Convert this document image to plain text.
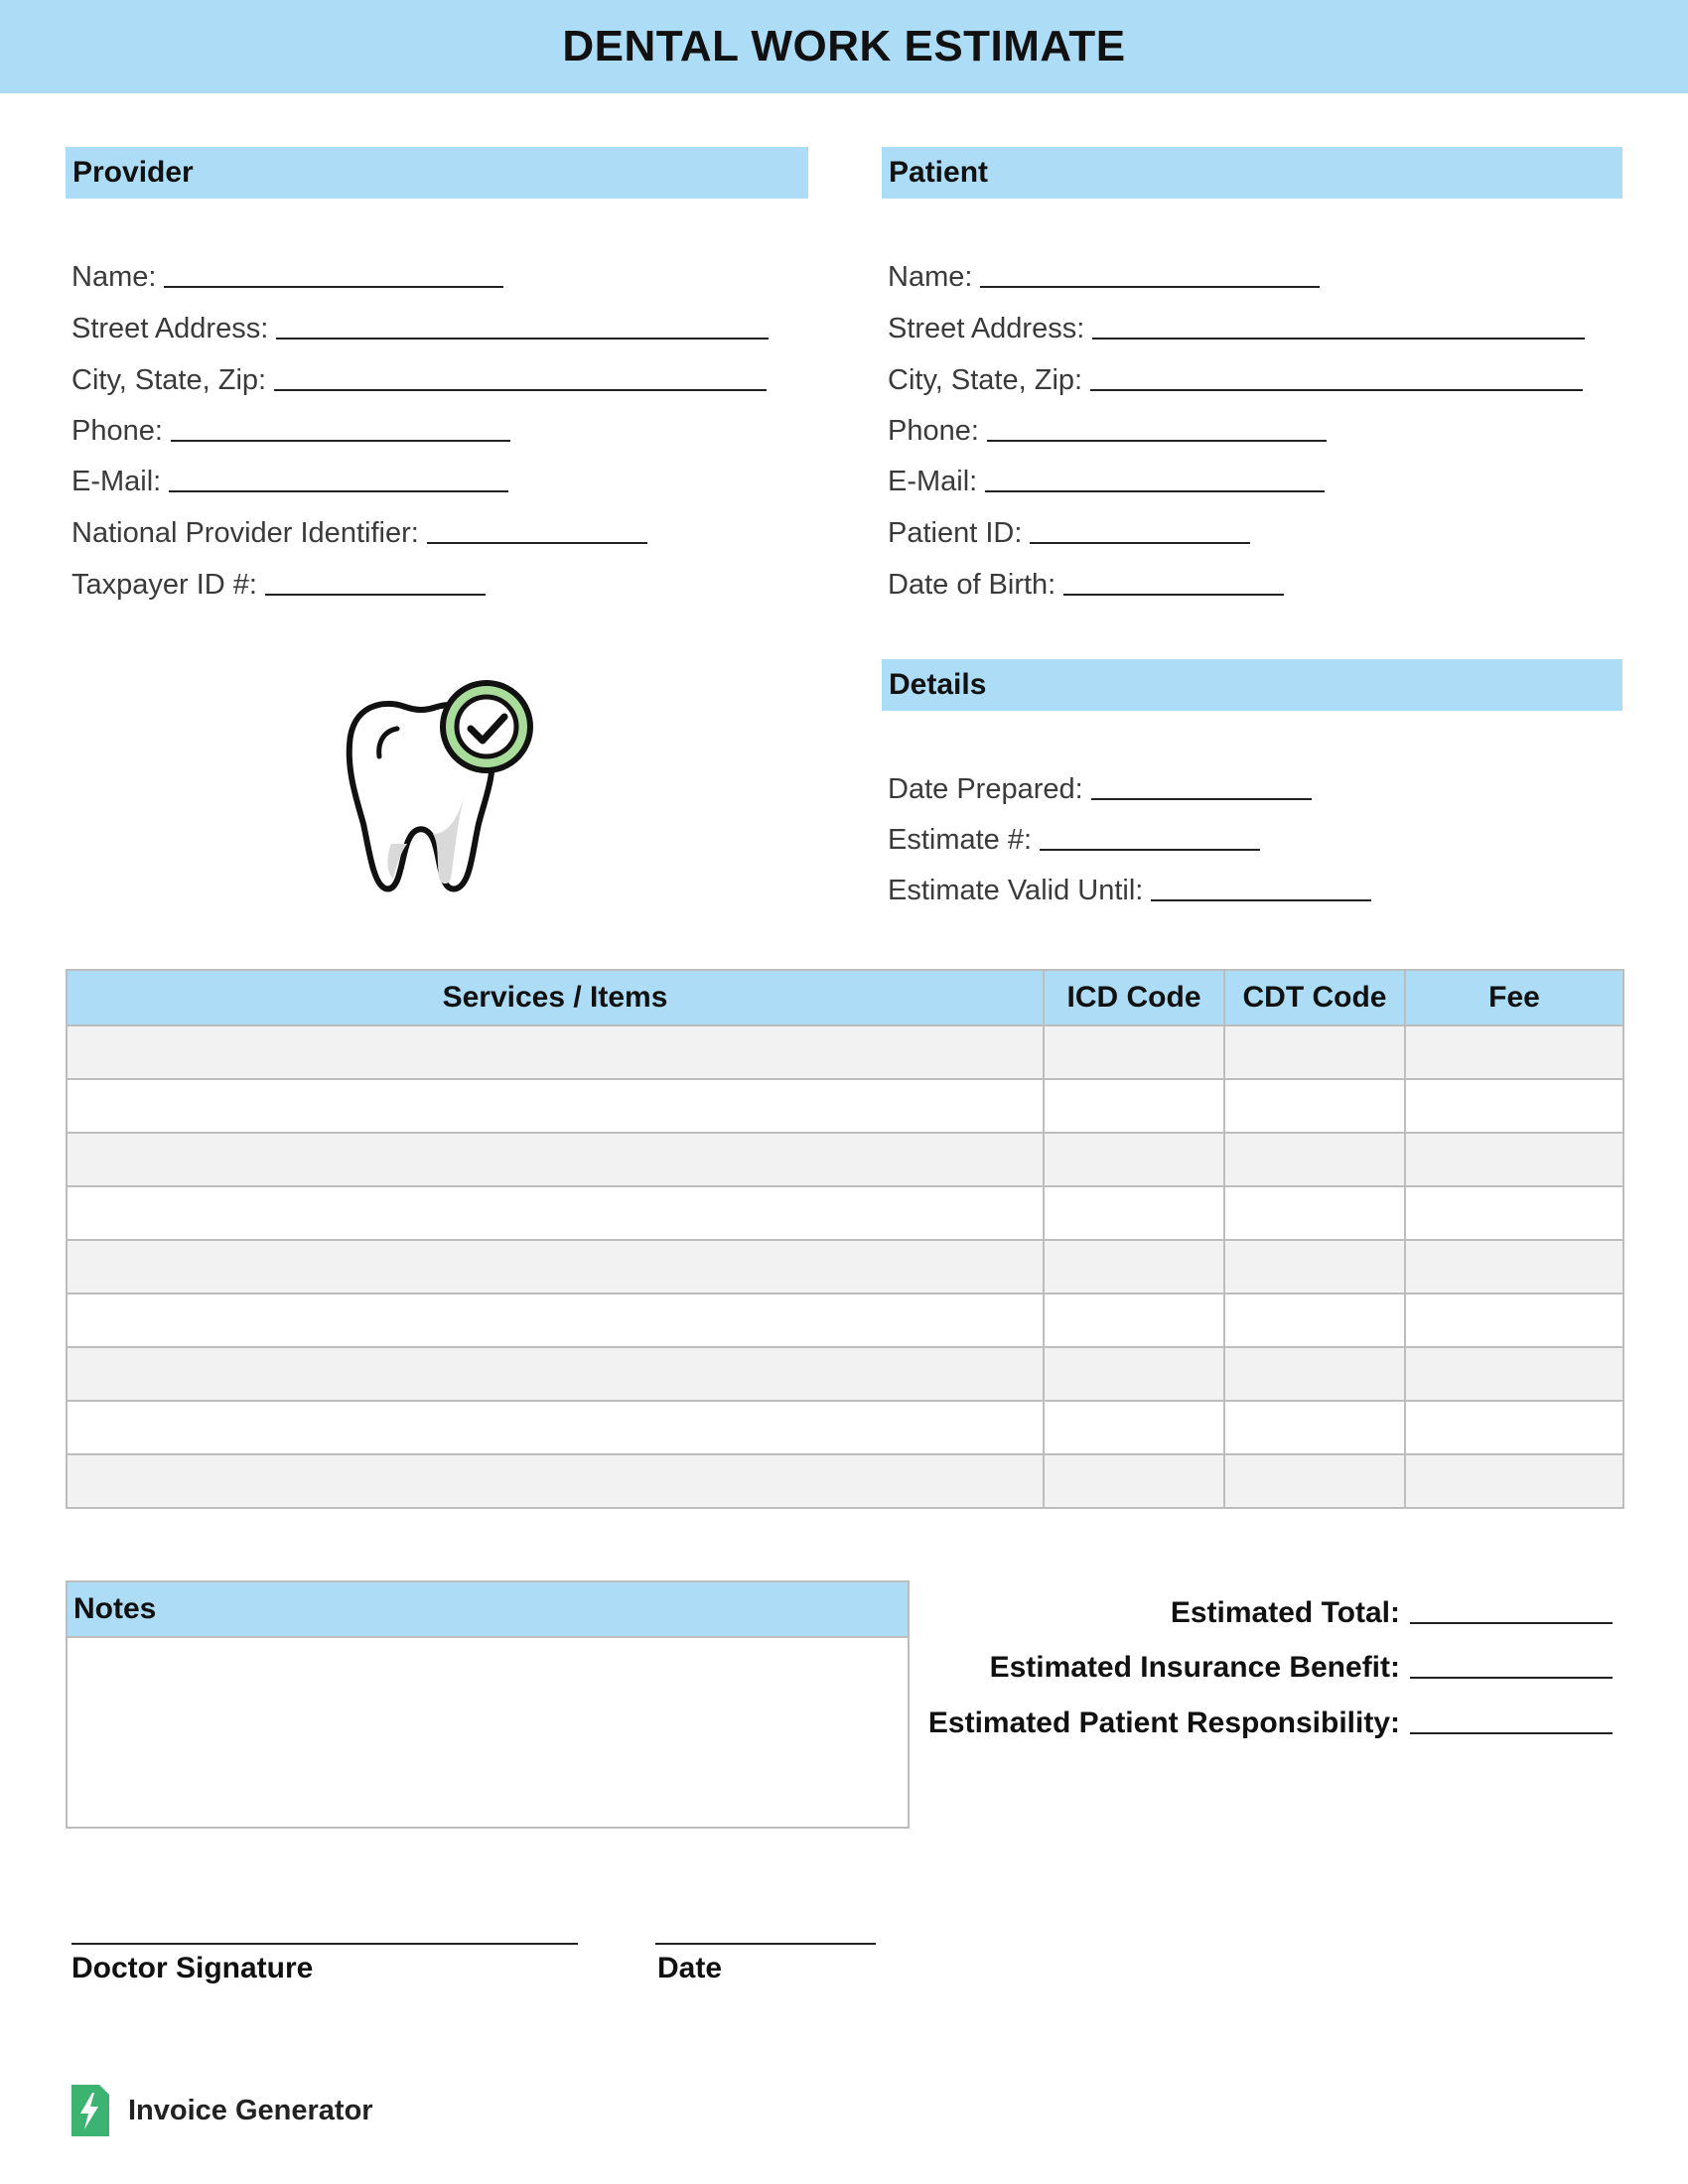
DENTAL WORK ESTIMATE
Provider
Name:
Street Address:
City, State, Zip:
Phone:
E-Mail:
National Provider Identifier:
Taxpayer ID #:
Patient
Name:
Street Address:
City, State, Zip:
Phone:
E-Mail:
Patient ID:
Date of Birth:
Details
Date Prepared:
Estimate #:
Estimate Valid Until:
Services / Items	ICD Code	CDT Code	Fee

Notes	Estimated Total:
Estimated Insurance Benefit:
Estimated Patient Responsibility:
Doctor Signature	Date
Invoice Generator
